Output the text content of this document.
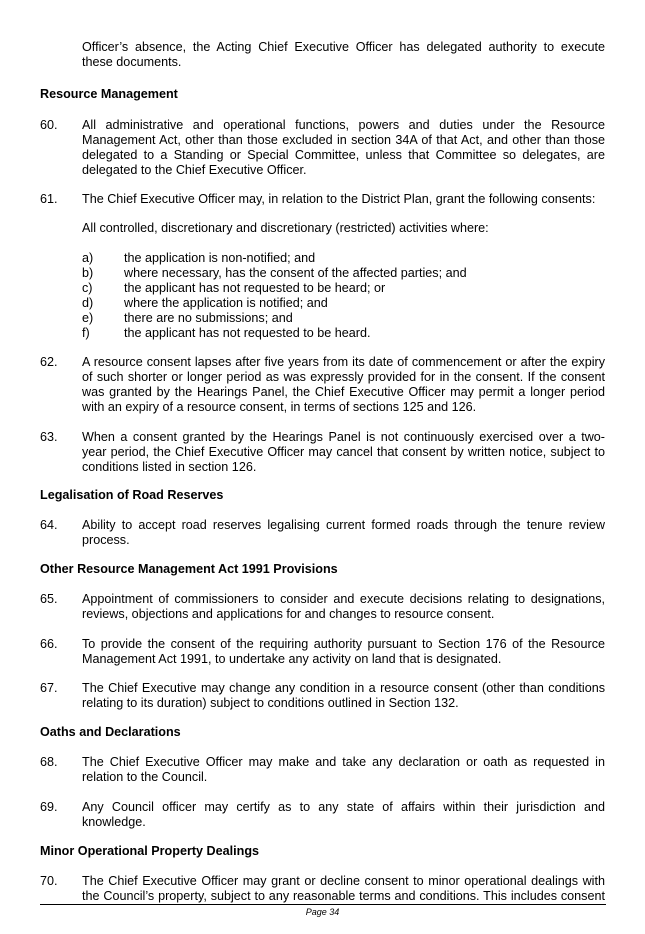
Officer’s absence, the Acting Chief Executive Officer has delegated authority to execute
these documents.
Resource Management
60. All administrative and operational functions, powers and duties under the Resource
Management Act, other than those excluded in section 34A of that Act, and other than those
delegated to a Standing or Special Committee, unless that Committee so delegates, are
delegated to the Chief Executive Officer.
61. The Chief Executive Officer may, in relation to the District Plan, grant the following consents:
All controlled, discretionary and discretionary (restricted) activities where:
a) the application is non-notified; and
b) where necessary, has the consent of the affected parties; and
c)	the applicant has not requested to be heard; or
d) where the application is notified; and
e) there are no submissions; and
f)	the applicant has not requested to be heard.
62. A resource consent lapses after five years from its date of commencement or after the expiry
of such shorter or longer period as was expressly provided for in the consent. If the consent
was granted by the Hearings Panel, the Chief Executive Officer may permit a longer period
with an expiry of a resource consent, in terms of sections 125 and 126.
63. When a consent granted by the Hearings Panel is not continuously exercised over a two-
year period, the Chief Executive Officer may cancel that consent by written notice, subject to
conditions listed in section 126.
Legalisation of Road Reserves
64. Ability to accept road reserves legalising current formed roads through the tenure review
process.
Other Resource Management Act 1991 Provisions
65. Appointment of commissioners to consider and execute decisions relating to designations,
reviews, objections and applications for and changes to resource consent.
66. To provide the consent of the requiring authority pursuant to Section 176 of the Resource
Management Act 1991, to undertake any activity on land that is designated.
67. The Chief Executive may change any condition in a resource consent (other than conditions
relating to its duration) subject to conditions outlined in Section 132.
Oaths and Declarations
68. The Chief Executive Officer may make and take any declaration or oath as requested in
relation to the Council.
69. Any Council officer may certify as to any state of affairs within their jurisdiction and
knowledge.
Minor Operational Property Dealings
70. The Chief Executive Officer may grant or decline consent to minor operational dealings with
the Council’s property, subject to any reasonable terms and conditions. This includes consent
Page 34
